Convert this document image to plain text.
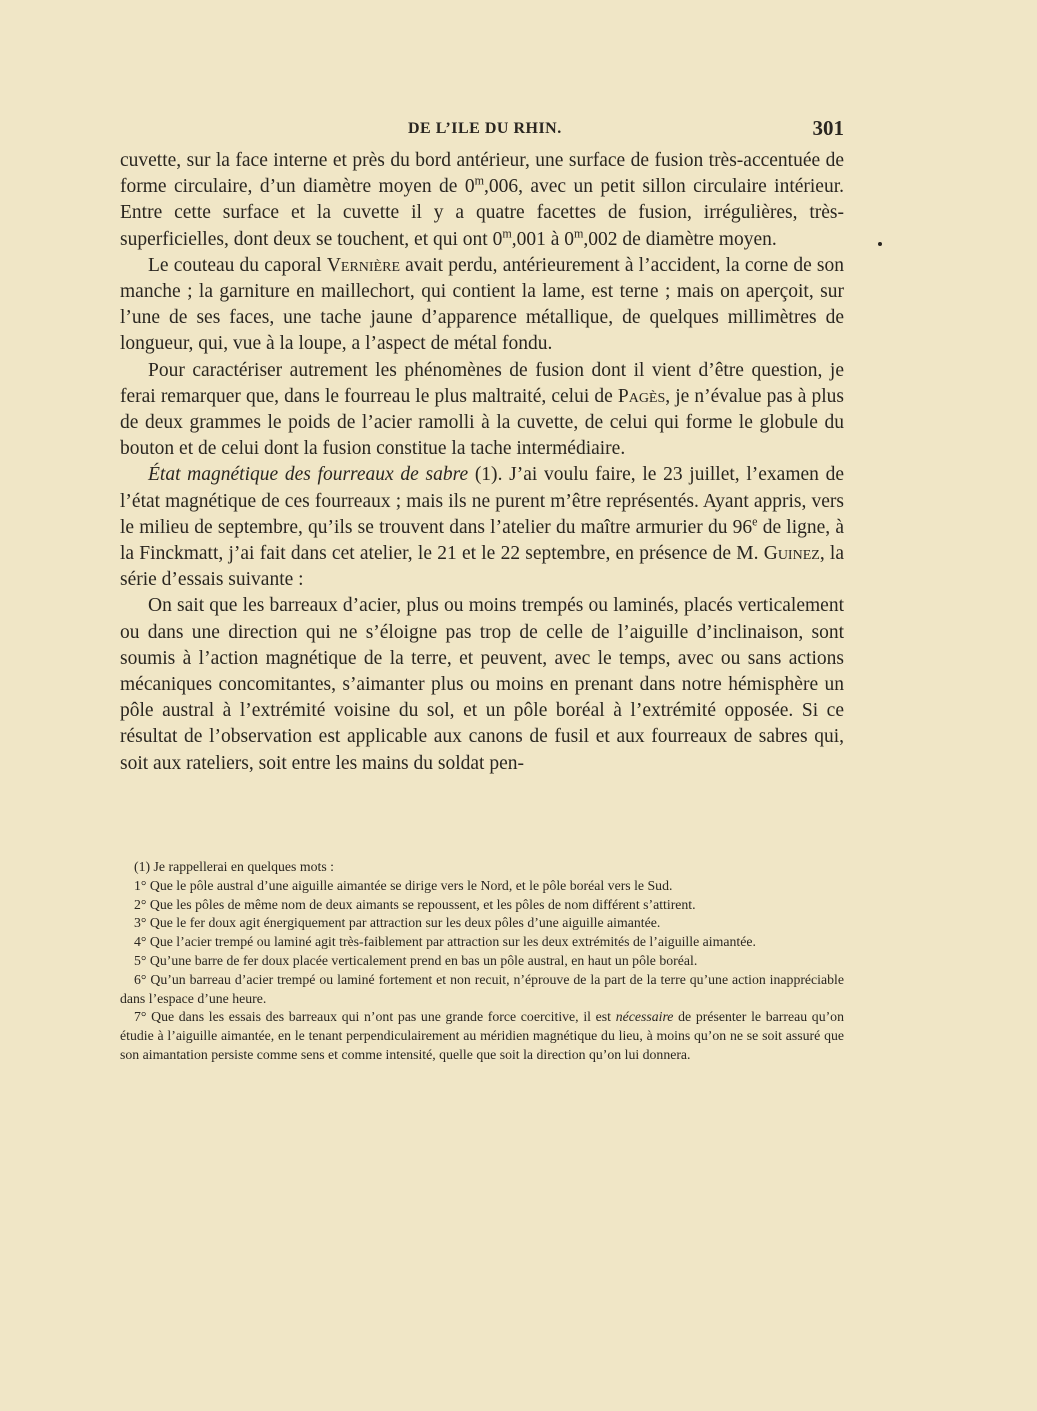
DE L’ILE DU RHIN.	301

cuvette, sur la face interne et près du bord antérieur, une surface de fusion très-accentuée de forme circulaire, d’un diamètre moyen de 0$^m$,006, avec un petit sillon circulaire intérieur. Entre cette surface et la cuvette il y a quatre facettes de fusion, irrégulières, très-superficielles, dont deux se touchent, et qui ont 0$^m$,001 à 0$^m$,002 de diamètre moyen.

Le couteau du caporal Vernière avait perdu, antérieurement à l’accident, la corne de son manche ; la garniture en maillechort, qui contient la lame, est terne ; mais on aperçoit, sur l’une de ses faces, une tache jaune d’apparence métallique, de quelques millimètres de longueur, qui, vue à la loupe, a l’aspect de métal fondu.

Pour caractériser autrement les phénomènes de fusion dont il vient d’être question, je ferai remarquer que, dans le fourreau le plus maltraité, celui de Pagès, je n’évalue pas à plus de deux grammes le poids de l’acier ramolli à la cuvette, de celui qui forme le globule du bouton et de celui dont la fusion constitue la tache intermédiaire.

État magnétique des fourreaux de sabre (1). J’ai voulu faire, le 23 juillet, l’examen de l’état magnétique de ces fourreaux ; mais ils ne purent m’être représentés. Ayant appris, vers le milieu de septembre, qu’ils se trouvent dans l’atelier du maître armurier du 96e de ligne, à la Finckmatt, j’ai fait dans cet atelier, le 21 et le 22 septembre, en présence de M. Guinez, la série d’essais suivante :

On sait que les barreaux d’acier, plus ou moins trempés ou laminés, placés verticalement ou dans une direction qui ne s’éloigne pas trop de celle de l’aiguille d’inclinaison, sont soumis à l’action magnétique de la terre, et peuvent, avec le temps, avec ou sans actions mécaniques concomitantes, s’aimanter plus ou moins en prenant dans notre hémisphère un pôle austral à l’extrémité voisine du sol, et un pôle boréal à l’extrémité opposée. Si ce résultat de l’observation est applicable aux canons de fusil et aux fourreaux de sabres qui, soit aux rateliers, soit entre les mains du soldat pen-

(1) Je rappellerai en quelques mots :

1° Que le pôle austral d’une aiguille aimantée se dirige vers le Nord, et le pôle boréal vers le Sud.

2° Que les pôles de même nom de deux aimants se repoussent, et les pôles de nom différent s’attirent.

3° Que le fer doux agit énergiquement par attraction sur les deux pôles d’une aiguille aimantée.

4° Que l’acier trempé ou laminé agit très-faiblement par attraction sur les deux extrémités de l’aiguille aimantée.

5° Qu’une barre de fer doux placée verticalement prend en bas un pôle austral, en haut un pôle boréal.

6° Qu’un barreau d’acier trempé ou laminé fortement et non recuit, n’éprouve de la part de la terre qu’une action inappréciable dans l’espace d’une heure.

7° Que dans les essais des barreaux qui n’ont pas une grande force coercitive, il est nécessaire de présenter le barreau qu’on étudie à l’aiguille aimantée, en le tenant perpendiculairement au méridien magnétique du lieu, à moins qu’on ne se soit assuré que son aimantation persiste comme sens et comme intensité, quelle que soit la direction qu’on lui donnera.
